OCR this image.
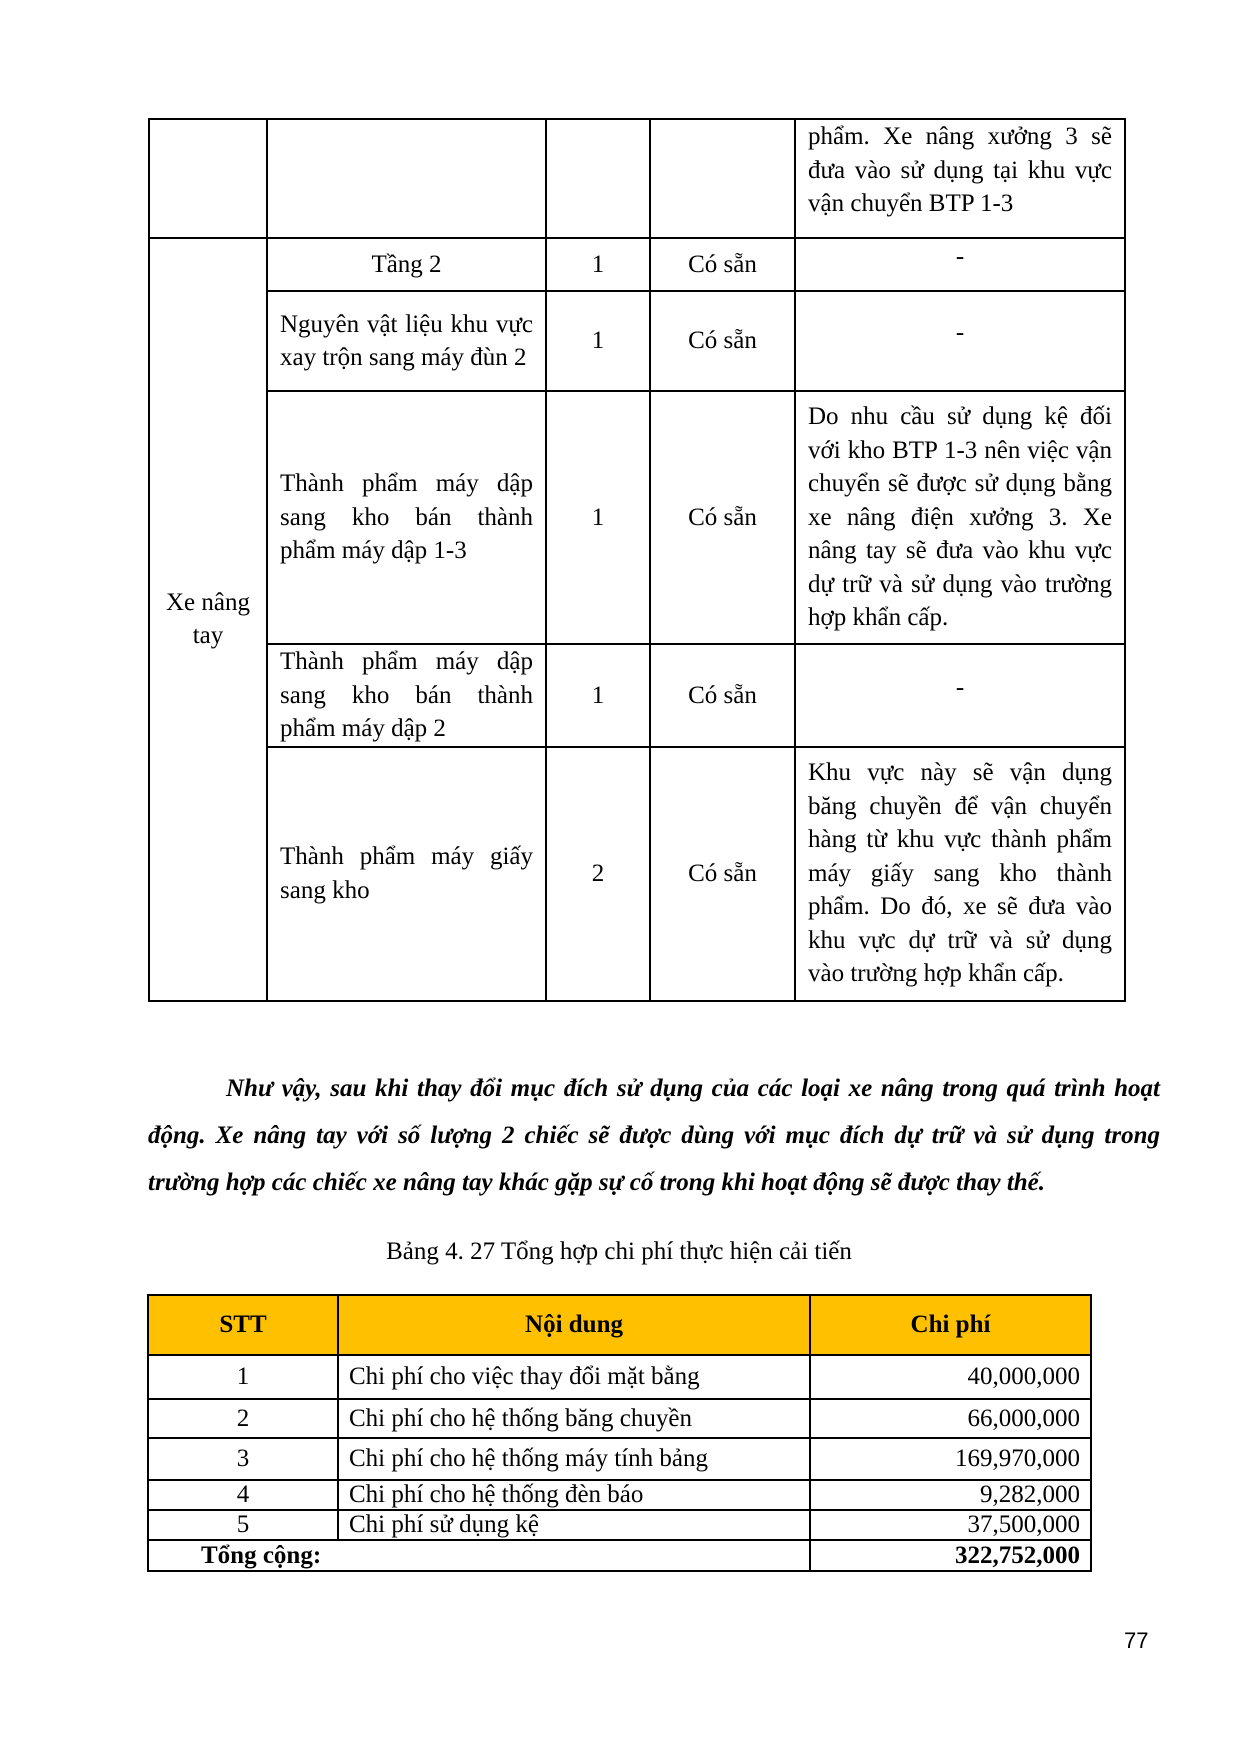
				phẩm. Xe nâng xưởng 3 sẽ đưa vào sử dụng tại khu vực vận chuyển BTP 1-3
Xe nâng tay	Tầng 2	1	Có sẵn	-
	Nguyên vật liệu khu vực xay trộn sang máy đùn 2	1	Có sẵn	-
	Thành phẩm máy dập sang kho bán thành phẩm máy dập 1-3	1	Có sẵn	Do nhu cầu sử dụng kệ đối với kho BTP 1-3 nên việc vận chuyển sẽ được sử dụng bằng xe nâng điện xưởng 3. Xe nâng tay sẽ đưa vào khu vực dự trữ và sử dụng vào trường hợp khẩn cấp.
	Thành phẩm máy dập sang kho bán thành phẩm máy dập 2	1	Có sẵn	-
	Thành phẩm máy giấy sang kho	2	Có sẵn	Khu vực này sẽ vận dụng băng chuyền để vận chuyển hàng từ khu vực thành phẩm máy giấy sang kho thành phẩm. Do đó, xe sẽ đưa vào khu vực dự trữ và sử dụng vào trường hợp khẩn cấp.

Như vậy, sau khi thay đổi mục đích sử dụng của các loại xe nâng trong quá trình hoạt động. Xe nâng tay với số lượng 2 chiếc sẽ được dùng với mục đích dự trữ và sử dụng trong trường hợp các chiếc xe nâng tay khác gặp sự cố trong khi hoạt động sẽ được thay thế.

Bảng 4. 27 Tổng hợp chi phí thực hiện cải tiến
STT	Nội dung	Chi phí
1	Chi phí cho việc thay đổi mặt bằng	40,000,000
2	Chi phí cho hệ thống băng chuyền	66,000,000
3	Chi phí cho hệ thống máy tính bảng	169,970,000
4	Chi phí cho hệ thống đèn báo	9,282,000
5	Chi phí sử dụng kệ	37,500,000
Tổng cộng:		322,752,000
77
